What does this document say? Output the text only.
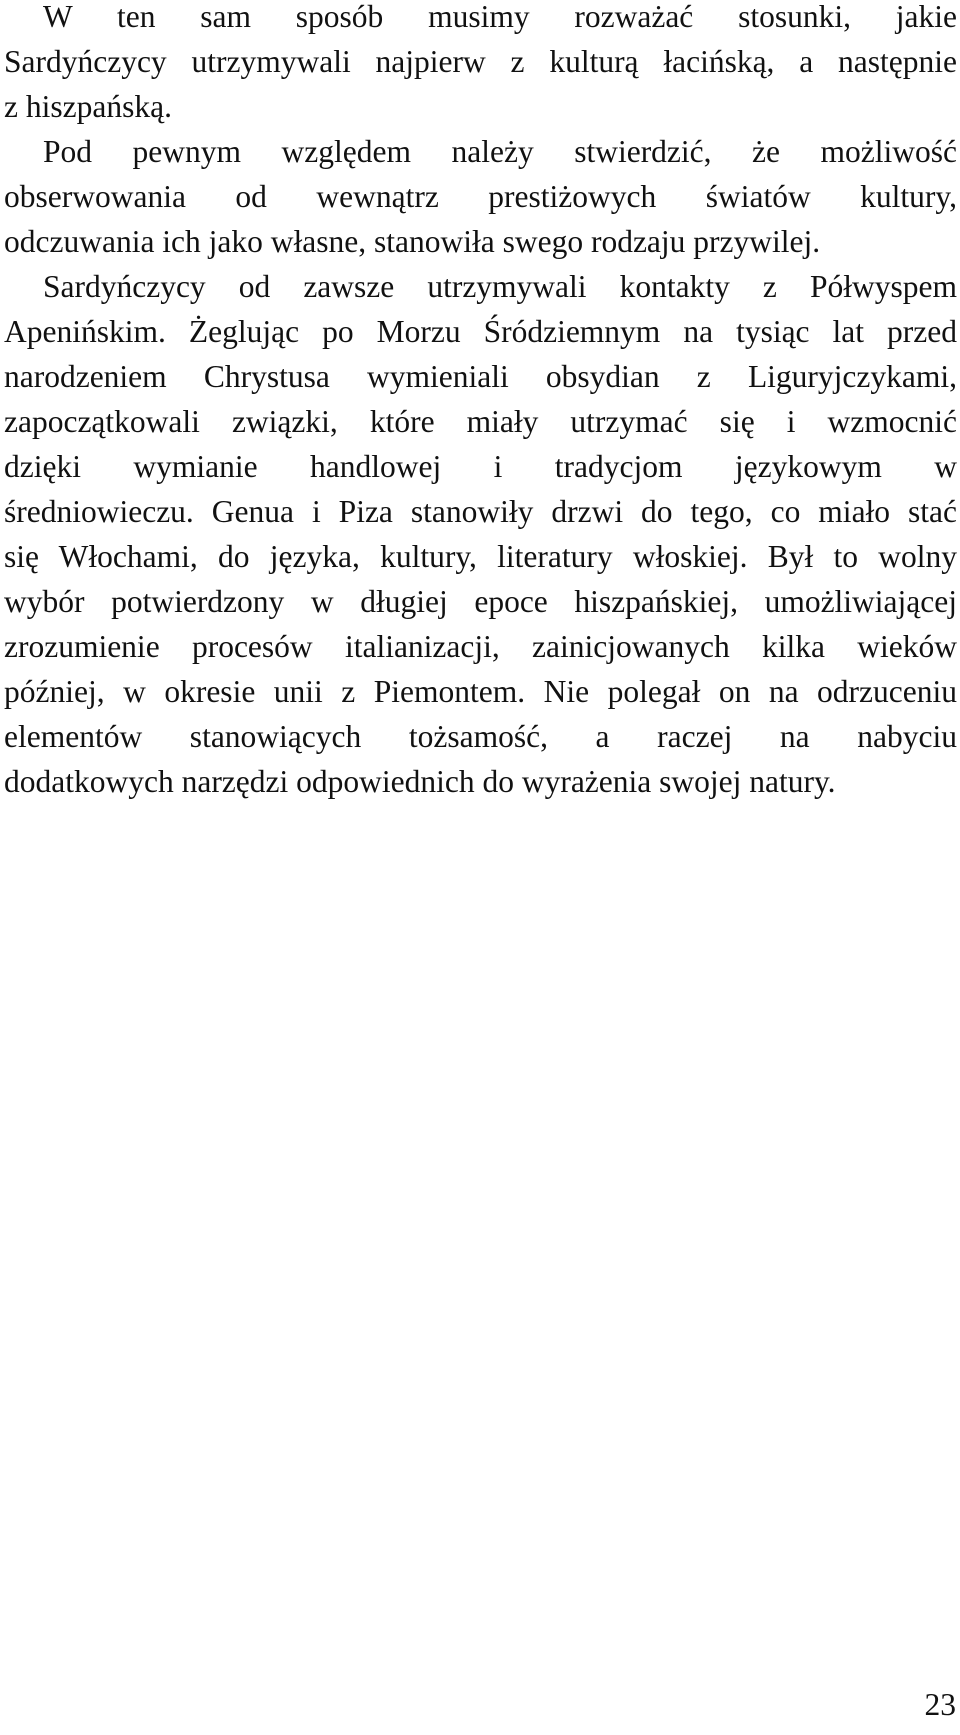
W ten sam sposób musimy rozważać stosunki, jakie
Sardyńczycy utrzymywali najpierw z kulturą łacińską, a następnie
z hiszpańską.
Pod pewnym względem należy stwierdzić, że możliwość
obserwowania od wewnątrz prestiżowych światów kultury,
odczuwania ich jako własne, stanowiła swego rodzaju przywilej.
Sardyńczycy od zawsze utrzymywali kontakty z Półwyspem
Apenińskim. Żeglując po Morzu Śródziemnym na tysiąc lat przed
narodzeniem Chrystusa wymieniali obsydian z Liguryjczykami,
zapoczątkowali związki, które miały utrzymać się i wzmocnić
dzięki wymianie handlowej i tradycjom językowym w
średniowieczu. Genua i Piza stanowiły drzwi do tego, co miało stać
się Włochami, do języka, kultury, literatury włoskiej. Był to wolny
wybór potwierdzony w długiej epoce hiszpańskiej, umożliwiającej
zrozumienie procesów italianizacji, zainicjowanych kilka wieków
później, w okresie unii z Piemontem. Nie polegał on na odrzuceniu
elementów stanowiących tożsamość, a raczej na nabyciu
dodatkowych narzędzi odpowiednich do wyrażenia swojej natury.
23
